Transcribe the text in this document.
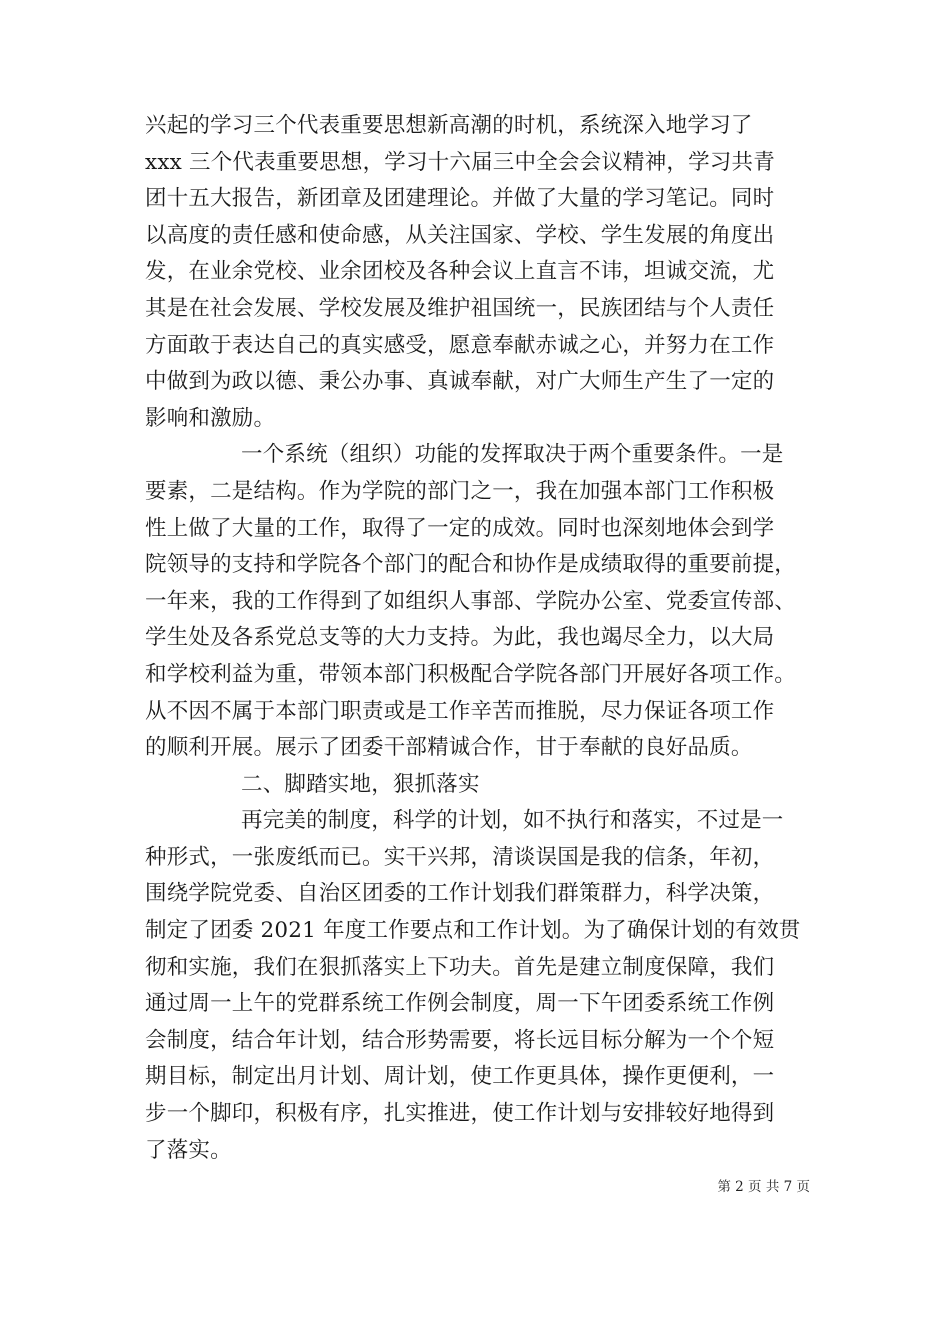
兴起的学习三个代表重要思想新高潮的时机，系统深入地学习了
xxx 三个代表重要思想，学习十六届三中全会会议精神，学习共青
团十五大报告，新团章及团建理论。并做了大量的学习笔记。同时
以高度的责任感和使命感，从关注国家、学校、学生发展的角度出
发，在业余党校、业余团校及各种会议上直言不讳，坦诚交流，尤
其是在社会发展、学校发展及维护祖国统一，民族团结与个人责任
方面敢于表达自己的真实感受，愿意奉献赤诚之心，并努力在工作
中做到为政以德、秉公办事、真诚奉献，对广大师生产生了一定的
影响和激励。
一个系统（组织）功能的发挥取决于两个重要条件。一是
要素，二是结构。作为学院的部门之一，我在加强本部门工作积极
性上做了大量的工作，取得了一定的成效。同时也深刻地体会到学
院领导的支持和学院各个部门的配合和协作是成绩取得的重要前提，
一年来，我的工作得到了如组织人事部、学院办公室、党委宣传部、
学生处及各系党总支等的大力支持。为此，我也竭尽全力，以大局
和学校利益为重，带领本部门积极配合学院各部门开展好各项工作。
从不因不属于本部门职责或是工作辛苦而推脱，尽力保证各项工作
的顺利开展。展示了团委干部精诚合作，甘于奉献的良好品质。
二、脚踏实地，狠抓落实
再完美的制度，科学的计划，如不执行和落实，不过是一
种形式，一张废纸而已。实干兴邦，清谈误国是我的信条，年初，
围绕学院党委、自治区团委的工作计划我们群策群力，科学决策，
制定了团委 2021 年度工作要点和工作计划。为了确保计划的有效贯
彻和实施，我们在狠抓落实上下功夫。首先是建立制度保障，我们
通过周一上午的党群系统工作例会制度，周一下午团委系统工作例
会制度，结合年计划，结合形势需要，将长远目标分解为一个个短
期目标，制定出月计划、周计划，使工作更具体，操作更便利，一
步一个脚印，积极有序，扎实推进，使工作计划与安排较好地得到
了落实。
第 2 页 共 7 页
